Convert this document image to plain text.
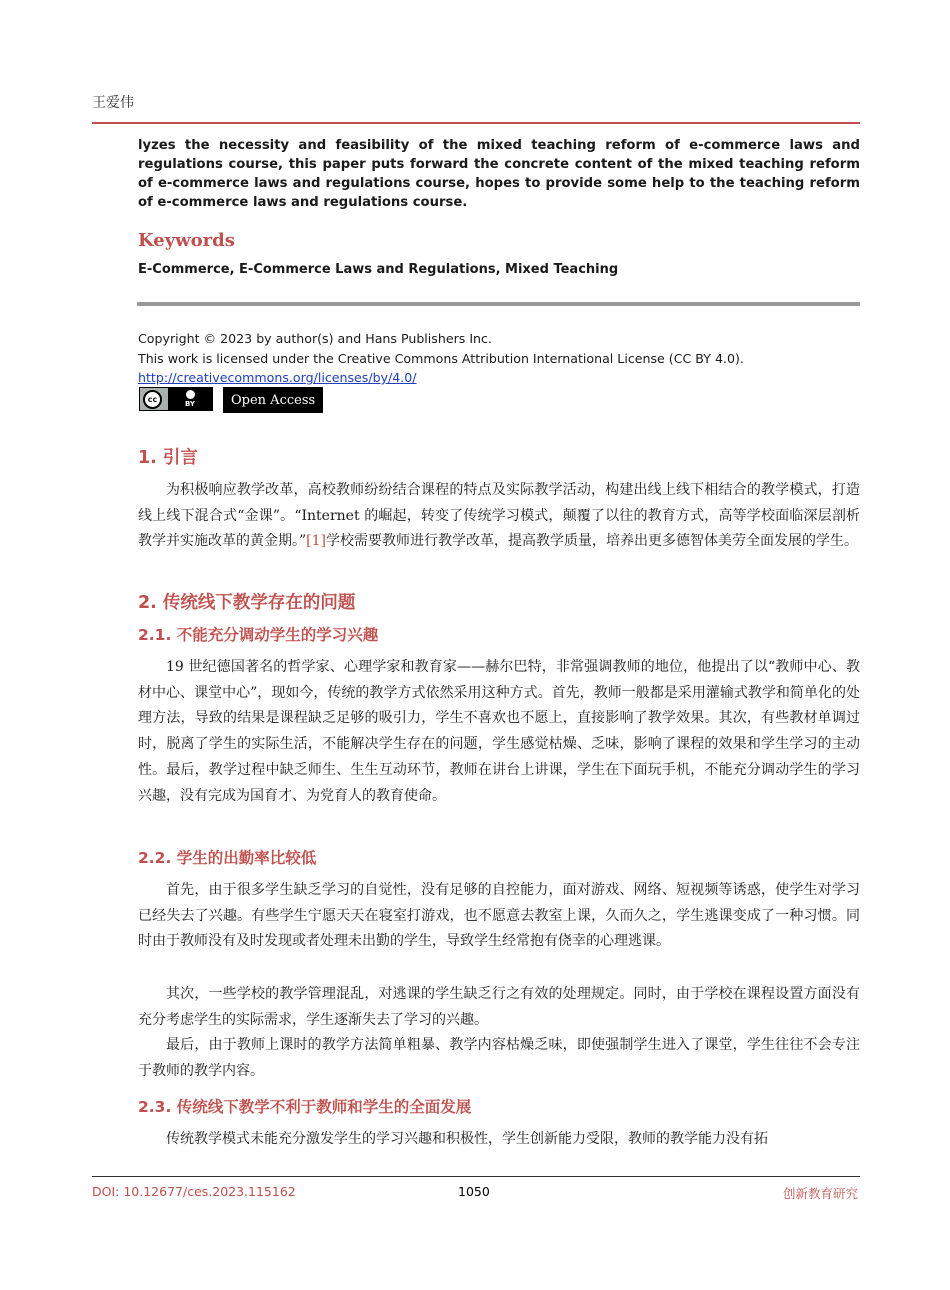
王爱伟

lyzes the necessity and feasibility of the mixed teaching reform of e-commerce laws and regulations course, this paper puts forward the concrete content of the mixed teaching reform of e-commerce laws and regulations course, hopes to provide some help to the teaching reform of e-commerce laws and regulations course.

Keywords

E-Commerce, E-Commerce Laws and Regulations, Mixed Teaching

Copyright © 2023 by author(s) and Hans Publishers Inc.
This work is licensed under the Creative Commons Attribution International License (CC BY 4.0).
http://creativecommons.org/licenses/by/4.0/
cc
BY	Open Access
1. 引言

为积极响应教学改革，高校教师纷纷结合课程的特点及实际教学活动，构建出线上线下相结合的教学模式，打造线上线下混合式“金课”。“Internet 的崛起，转变了传统学习模式，颠覆了以往的教育方式，高等学校面临深层剖析教学并实施改革的黄金期。”[1]学校需要教师进行教学改革，提高教学质量，培养出更多德智体美劳全面发展的学生。

2. 传统线下教学存在的问题
2.1. 不能充分调动学生的学习兴趣

19 世纪德国著名的哲学家、心理学家和教育家——赫尔巴特，非常强调教师的地位，他提出了以“教师中心、教材中心、课堂中心”，现如今，传统的教学方式依然采用这种方式。首先，教师一般都是采用灌输式教学和简单化的处理方法，导致的结果是课程缺乏足够的吸引力，学生不喜欢也不愿上，直接影响了教学效果。其次，有些教材单调过时，脱离了学生的实际生活，不能解决学生存在的问题，学生感觉枯燥、乏味，影响了课程的效果和学生学习的主动性。最后，教学过程中缺乏师生、生生互动环节，教师在讲台上讲课，学生在下面玩手机，不能充分调动学生的学习兴趣，没有完成为国育才、为党育人的教育使命。

2.2. 学生的出勤率比较低

首先，由于很多学生缺乏学习的自觉性，没有足够的自控能力，面对游戏、网络、短视频等诱惑，使学生对学习已经失去了兴趣。有些学生宁愿天天在寝室打游戏，也不愿意去教室上课，久而久之，学生逃课变成了一种习惯。同时由于教师没有及时发现或者处理未出勤的学生，导致学生经常抱有侥幸的心理逃课。

其次，一些学校的教学管理混乱，对逃课的学生缺乏行之有效的处理规定。同时，由于学校在课程设置方面没有充分考虑学生的实际需求，学生逐渐失去了学习的兴趣。

最后，由于教师上课时的教学方法简单粗暴、教学内容枯燥乏味，即使强制学生进入了课堂，学生往往不会专注于教师的教学内容。

2.3. 传统线下教学不利于教师和学生的全面发展

传统教学模式未能充分激发学生的学习兴趣和积极性，学生创新能力受限，教师的教学能力没有拓

DOI: 10.12677/ces.2023.115162	1050	创新教育研究
